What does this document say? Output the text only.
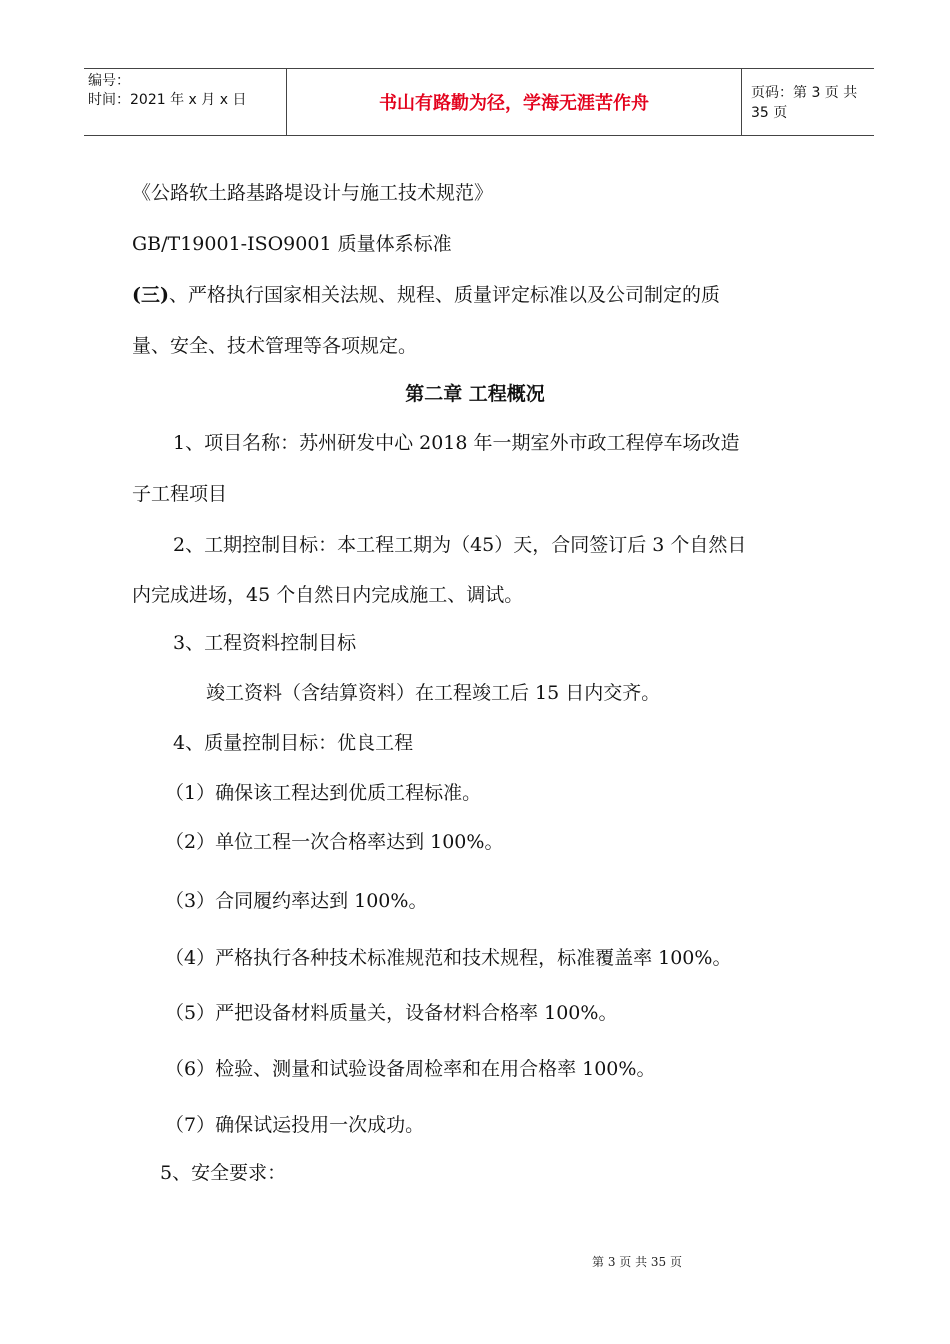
编号：
时间：2021 年 x 月 x 日	书山有路勤为径，学海无涯苦作舟	页码：第 3 页 共 35 页
《公路软土路基路堤设计与施工技术规范》
GB/T19001-ISO9001 质量体系标准
(三)、严格执行国家相关法规、规程、质量评定标准以及公司制定的质
量、安全、技术管理等各项规定。
第二章 工程概况
1、项目名称：苏州研发中心 2018 年一期室外市政工程停车场改造
子工程项目
2、工期控制目标：本工程工期为（45）天，合同签订后 3 个自然日
内完成进场，45 个自然日内完成施工、调试。
3、工程资料控制目标
竣工资料（含结算资料）在工程竣工后 15 日内交齐。
4、质量控制目标：优良工程
（1）确保该工程达到优质工程标准。
（2）单位工程一次合格率达到 100%。
（3）合同履约率达到 100%。
（4）严格执行各种技术标准规范和技术规程，标准覆盖率 100%。
（5）严把设备材料质量关，设备材料合格率 100%。
（6）检验、测量和试验设备周检率和在用合格率 100%。
（7）确保试运投用一次成功。
5、安全要求：
第 3 页 共 35 页
